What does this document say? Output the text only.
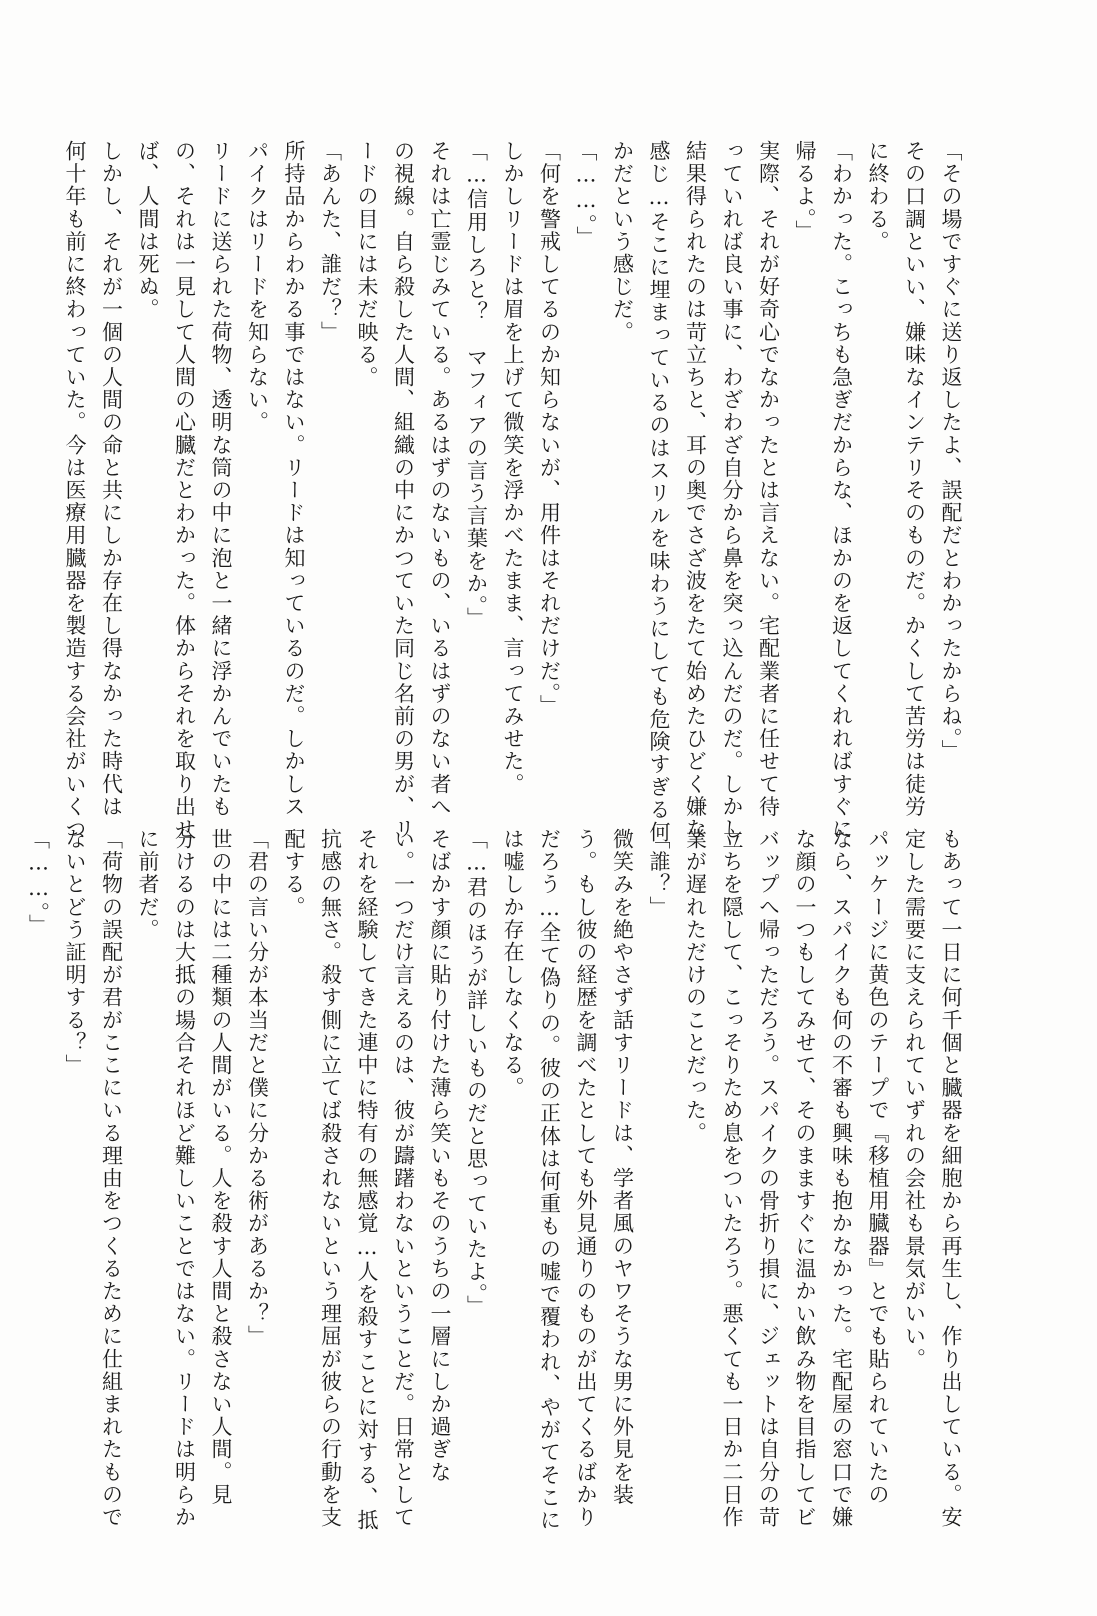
「その場ですぐに送り返したよ、誤配だとわかったからね。」
その口調といい、嫌味なインテリそのものだ。かくして苦労は徒労
に終わる。
「わかった。こっちも急ぎだからな、ほかのを返してくれればすぐに
帰るよ。」
実際、それが好奇心でなかったとは言えない。宅配業者に任せて待
っていれば良い事に、わざわざ自分から鼻を突っ込んだのだ。しかし
結果得られたのは苛立ちと、耳の奥でさざ波をたて始めたひどく嫌な
感じ…そこに埋まっているのはスリルを味わうにしても危険すぎる何
かだという感じだ。
「……。」
「何を警戒してるのか知らないが、用件はそれだけだ。」
しかしリードは眉を上げて微笑を浮かべたまま、言ってみせた。
「…信用しろと？　マフィアの言う言葉をか。」
それは亡霊じみている。あるはずのないもの、いるはずのない者へ
の視線。自ら殺した人間、組織の中にかつていた同じ名前の男が、リ
ードの目には未だ映る。
「あんた、誰だ？」
所持品からわかる事ではない。リードは知っているのだ。しかしス
パイクはリードを知らない。
リードに送られた荷物、透明な筒の中に泡と一緒に浮かんでいたも
の、それは一見して人間の心臓だとわかった。体からそれを取り出せ
ば、人間は死ぬ。
しかし、それが一個の人間の命と共にしか存在し得なかった時代は
何十年も前に終わっていた。今は医療用臓器を製造する会社がいくつ
もあって一日に何千個と臓器を細胞から再生し、作り出している。安
定した需要に支えられていずれの会社も景気がいい。
パッケージに黄色のテープで『移植用臓器』とでも貼られていたの
なら、スパイクも何の不審も興味も抱かなかった。宅配屋の窓口で嫌
な顔の一つもしてみせて、そのまますぐに温かい飲み物を目指してビ
バップへ帰っただろう。スパイクの骨折り損に、ジェットは自分の苛
立ちを隠して、こっそりため息をついたろう。悪くても一日か二日作
業が遅れただけのことだった。
「誰？」
微笑みを絶やさず話すリードは、学者風のヤワそうな男に外見を装
う。もし彼の経歴を調べたとしても外見通りのものが出てくるばかり
だろう…全て偽りの。彼の正体は何重もの嘘で覆われ、やがてそこに
は嘘しか存在しなくなる。
「…君のほうが詳しいものだと思っていたよ。」
そばかす顔に貼り付けた薄ら笑いもそのうちの一層にしか過ぎな
い。一つだけ言えるのは、彼が躊躇わないということだ。日常として
それを経験してきた連中に特有の無感覚…人を殺すことに対する、抵
抗感の無さ。殺す側に立てば殺されないという理屈が彼らの行動を支
配する。
「君の言い分が本当だと僕に分かる術があるか？」
世の中には二種類の人間がいる。人を殺す人間と殺さない人間。見
分けるのは大抵の場合それほど難しいことではない。リードは明らか
に前者だ。
「荷物の誤配が君がここにいる理由をつくるために仕組まれたもので
ないとどう証明する？」
「……。」
